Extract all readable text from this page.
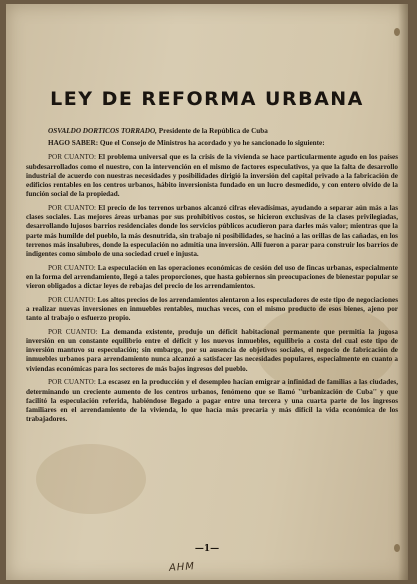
LEY DE REFORMA URBANA

OSVALDO DORTICOS TORRADO, Presidente de la República de Cuba

HAGO SABER: Que el Consejo de Ministros ha acordado y yo he sancionado lo siguiente:

POR CUANTO: El problema universal que es la crisis de la vivienda se hace particularmente agudo en los países subdesarrollados como el nuestro, con la intervención en el mismo de factores especulativos, ya que la falta de desarrollo industrial de acuerdo con nuestras necesidades y posibilidades dirigió la inversión del capital privado a la fabricación de edificios rentables en los centros urbanos, hábito inversionista fundado en un lucro desmedido, y con entero olvido de la función social de la propiedad.

POR CUANTO: El precio de los terrenos urbanos alcanzó cifras elevadísimas, ayudando a separar aún más a las clases sociales. Las mejores áreas urbanas por sus prohibitivos costos, se hicieron exclusivas de la clases privilegiadas, desarrollando lujosos barrios residenciales donde los servicios públicos acudieron para darles más valor; mientras que la parte más humilde del pueblo, la más desnutrida, sin trabajo ni posibilidades, se hacinó a las orillas de las cañadas, en los terrenos más insalubres, donde la especulación no admitía una inversión. Allí fueron a parar para construir los barrios de indigentes como símbolo de una sociedad cruel e injusta.

POR CUANTO: La especulación en las operaciones económicas de cesión del uso de fincas urbanas, especialmente en la forma del arrendamiento, llegó a tales proporciones, que hasta gobiernos sin preocupaciones de bienestar popular se vieron obligados a dictar leyes de rebajas del precio de los arrendamientos.

POR CUANTO: Los altos precios de los arrendamientos alentaron a los especuladores de este tipo de negociaciones a realizar nuevas inversiones en inmuebles rentables, muchas veces, con el mismo producto de esos bienes, ajeno por tanto al trabajo o esfuerzo propio.

POR CUANTO: La demanda existente, produjo un déficit habitacional permanente que permitía la jugosa inversión en un constante equilibrio entre el déficit y los nuevos inmuebles, equilibrio a costa del cual este tipo de inversión mantuvo su especulación; sin embargo, por su ausencia de objetivos sociales, el negocio de fabricación de inmuebles urbanos para arrendamiento nunca alcanzó a satisfacer las necesidades populares, especialmente en cuanto a viviendas económicas para los sectores de más bajos ingresos del pueblo.

POR CUANTO: La escasez en la producción y el desempleo hacían emigrar a infinidad de familias a las ciudades, determinando un creciente aumento de los centros urbanos, fenómeno que se llamó ''urbanización de Cuba'' y que facilitó la especulación referida, habiéndose llegado a pagar entre una tercera y una cuarta parte de los ingresos familiares en el arrendamiento de la vivienda, lo que hacía más precaria y más difícil la vida económica de los trabajadores.

—1—
AHM
